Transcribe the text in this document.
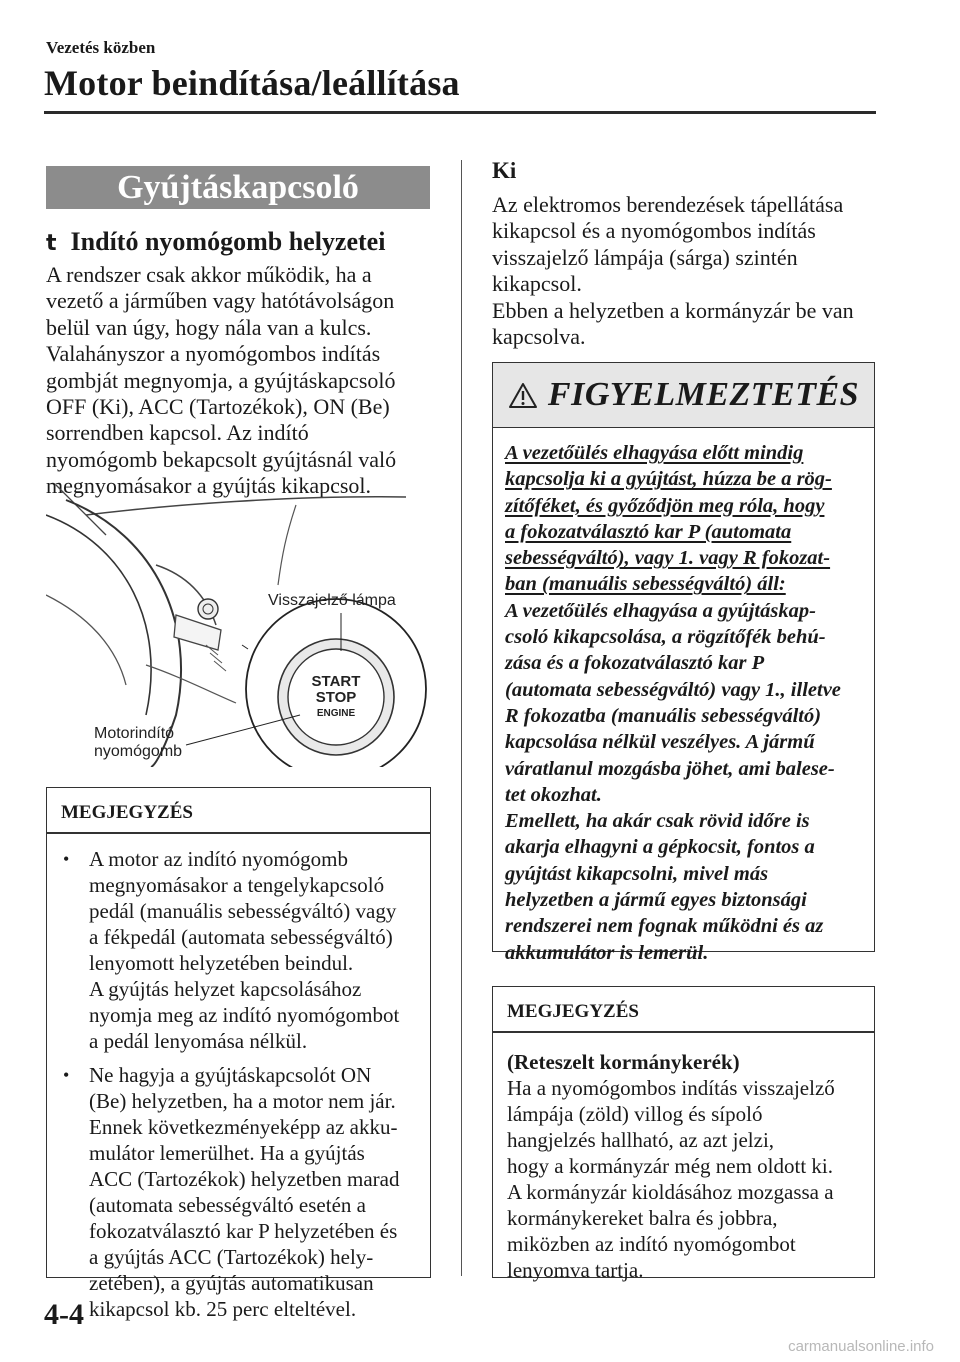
Vezetés közben
Motor beindítása/leállítása
Gyújtáskapcsoló
t Indító nyomógomb helyzetei
A rendszer csak akkor működik, ha a
vezető a járműben vagy hatótávolságon
belül van úgy, hogy nála van a kulcs.
Valahányszor a nyomógombos indítás
gombját megnyomja, a gyújtáskapcsoló
OFF (Ki), ACC (Tartozékok), ON (Be)
sorrendben kapcsol. Az indító
nyomógomb bekapcsolt gyújtásnál való
megnyomásakor a gyújtás kikapcsol.
START
STOP
ENGINE
Visszajelző lámpa
Motorindító
nyomógomb
MEGJEGYZÉS
• A motor az indító nyomógomb
megnyomásakor a tengelykapcsoló
pedál (manuális sebességváltó) vagy
a fékpedál (automata sebességváltó)
lenyomott helyzetében beindul.
A gyújtás helyzet kapcsolásához
nyomja meg az indító nyomógombot
a pedál lenyomása nélkül.
• Ne hagyja a gyújtáskapcsolót ON
(Be) helyzetben, ha a motor nem jár.
Ennek következményeképp az akku-
mulátor lemerülhet. Ha a gyújtás
ACC (Tartozékok) helyzetben marad
(automata sebességváltó esetén a
fokozatválasztó kar P helyzetében és
a gyújtás ACC (Tartozékok) hely-
zetében), a gyújtás automatikusan
kikapcsol kb. 25 perc elteltével.
Ki
Az elektromos berendezések tápellátása
kikapcsol és a nyomógombos indítás
visszajelző lámpája (sárga) szintén
kikapcsol.
Ebben a helyzetben a kormányzár be van
kapcsolva.
FIGYELMEZTETÉS
A vezetőülés elhagyása előtt mindig
kapcsolja ki a gyújtást, húzza be a rög-
zítőféket, és győződjön meg róla, hogy
a fokozatválasztó kar P (automata
sebességváltó), vagy 1. vagy R fokozat-
ban (manuális sebességváltó) áll:
A vezetőülés elhagyása a gyújtáskap-
csoló kikapcsolása, a rögzítőfék behú-
zása és a fokozatválasztó kar P
(automata sebességváltó) vagy 1., illetve
R fokozatba (manuális sebességváltó)
kapcsolása nélkül veszélyes. A jármű
váratlanul mozgásba jöhet, ami balese-
tet okozhat.
Emellett, ha akár csak rövid időre is
akarja elhagyni a gépkocsit, fontos a
gyújtást kikapcsolni, mivel más
helyzetben a jármű egyes biztonsági
rendszerei nem fognak működni és az
akkumulátor is lemerül.
MEGJEGYZÉS
(Reteszelt kormánykerék)
Ha a nyomógombos indítás visszajelző
lámpája (zöld) villog és sípoló
hangjelzés hallható, az azt jelzi,
hogy a kormányzár még nem oldott ki.
A kormányzár kioldásához mozgassa a
kormánykereket balra és jobbra,
miközben az indító nyomógombot
lenyomva tartja.
4-4
carmanualsonline.info
